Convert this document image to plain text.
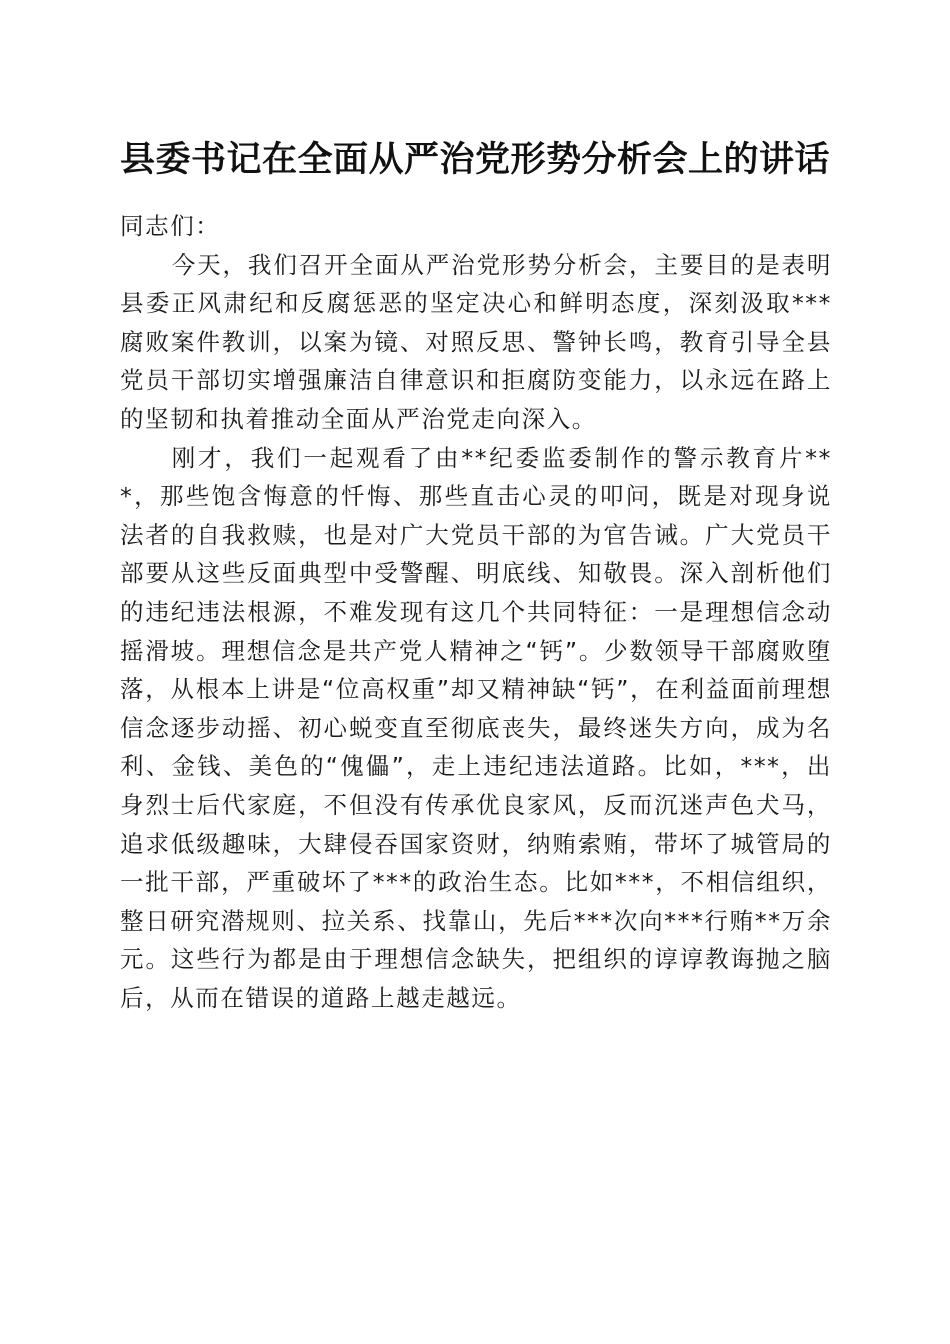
县委书记在全面从严治党形势分析会上的讲话

同志们：

今天，我们召开全面从严治党形势分析会，主要目的是表明县委正风肃纪和反腐惩恶的坚定决心和鲜明态度，深刻汲取***腐败案件教训，以案为镜、对照反思、警钟长鸣，教育引导全县党员干部切实增强廉洁自律意识和拒腐防变能力，以永远在路上的坚韧和执着推动全面从严治党走向深入。

刚才，我们一起观看了由**纪委监委制作的警示教育片***，那些饱含悔意的忏悔、那些直击心灵的叩问，既是对现身说法者的自我救赎，也是对广大党员干部的为官告诫。广大党员干部要从这些反面典型中受警醒、明底线、知敬畏。深入剖析他们的违纪违法根源，不难发现有这几个共同特征：一是理想信念动摇滑坡。理想信念是共产党人精神之“钙”。少数领导干部腐败堕落，从根本上讲是“位高权重”却又精神缺“钙”，在利益面前理想信念逐步动摇、初心蜕变直至彻底丧失，最终迷失方向，成为名利、金钱、美色的“傀儡”，走上违纪违法道路。比如，***，出身烈士后代家庭，不但没有传承优良家风，反而沉迷声色犬马，追求低级趣味，大肆侵吞国家资财，纳贿索贿，带坏了城管局的一批干部，严重破坏了***的政治生态。比如***，不相信组织，整日研究潜规则、拉关系、找靠山，先后***次向***行贿**万余元。这些行为都是由于理想信念缺失，把组织的谆谆教诲抛之脑后，从而在错误的道路上越走越远。
